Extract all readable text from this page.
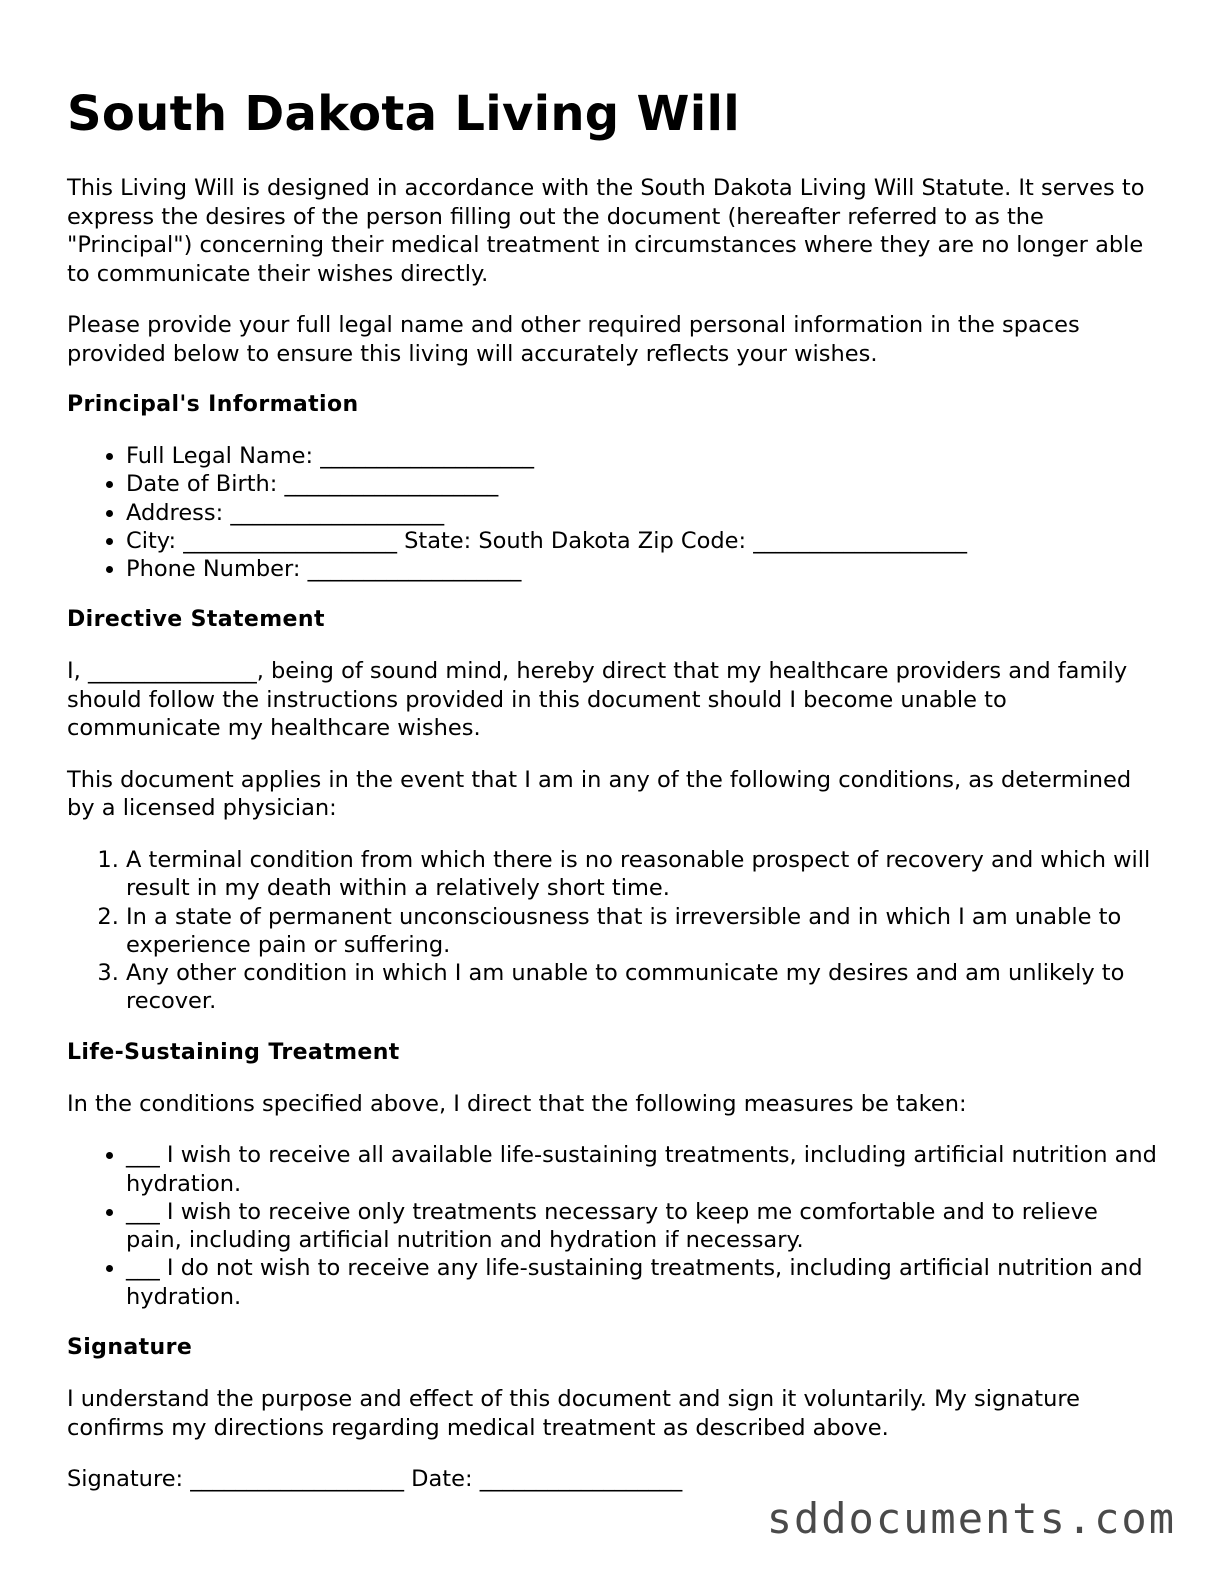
South Dakota Living Will

This Living Will is designed in accordance with the South Dakota Living Will Statute. It serves to express the desires of the person filling out the document (hereafter referred to as the "Principal") concerning their medical treatment in circumstances where they are no longer able to communicate their wishes directly.

Please provide your full legal name and other required personal information in the spaces provided below to ensure this living will accurately reflects your wishes.

Principal's Information
• Full Legal Name: ___________________
• Date of Birth: ___________________
• Address: ___________________
• City: ___________________ State: South Dakota Zip Code: ___________________
• Phone Number: ___________________
Directive Statement

I, _______________, being of sound mind, hereby direct that my healthcare providers and family should follow the instructions provided in this document should I become unable to communicate my healthcare wishes.

This document applies in the event that I am in any of the following conditions, as determined by a licensed physician:

1. A terminal condition from which there is no reasonable prospect of recovery and which will result in my death within a relatively short time.
2. In a state of permanent unconsciousness that is irreversible and in which I am unable to experience pain or suffering.
3. Any other condition in which I am unable to communicate my desires and am unlikely to recover.
Life-Sustaining Treatment

In the conditions specified above, I direct that the following measures be taken:

• ___ I wish to receive all available life-sustaining treatments, including artificial nutrition and hydration.
• ___ I wish to receive only treatments necessary to keep me comfortable and to relieve pain, including artificial nutrition and hydration if necessary.
• ___ I do not wish to receive any life-sustaining treatments, including artificial nutrition and hydration.
Signature

I understand the purpose and effect of this document and sign it voluntarily. My signature confirms my directions regarding medical treatment as described above.

Signature: ___________________ Date: __________________

sddocuments.com
